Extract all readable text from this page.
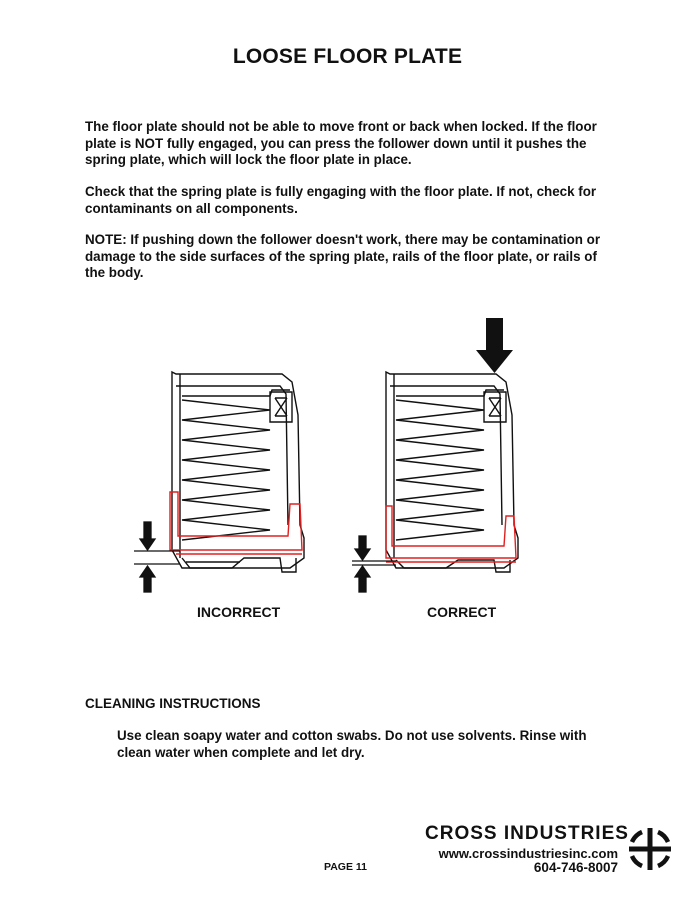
LOOSE FLOOR PLATE
The floor plate should not be able to move front or back when locked. If the floor plate is NOT fully engaged, you can press the follower down until it pushes the spring plate, which will lock the floor plate in place.
Check that the spring plate is fully engaging with the floor plate. If not, check for contaminants on all components.
NOTE: If pushing down the follower doesn't work, there may be contamination or damage to the side surfaces of the spring plate, rails of the floor plate, or rails of the body.
INCORRECT	CORRECT
CLEANING INSTRUCTIONS
Use clean soapy water and cotton swabs. Do not use solvents. Rinse with clean water when complete and let dry.
CROSS INDUSTRIES
www.crossindustriesinc.com
604-746-8007
PAGE 11
